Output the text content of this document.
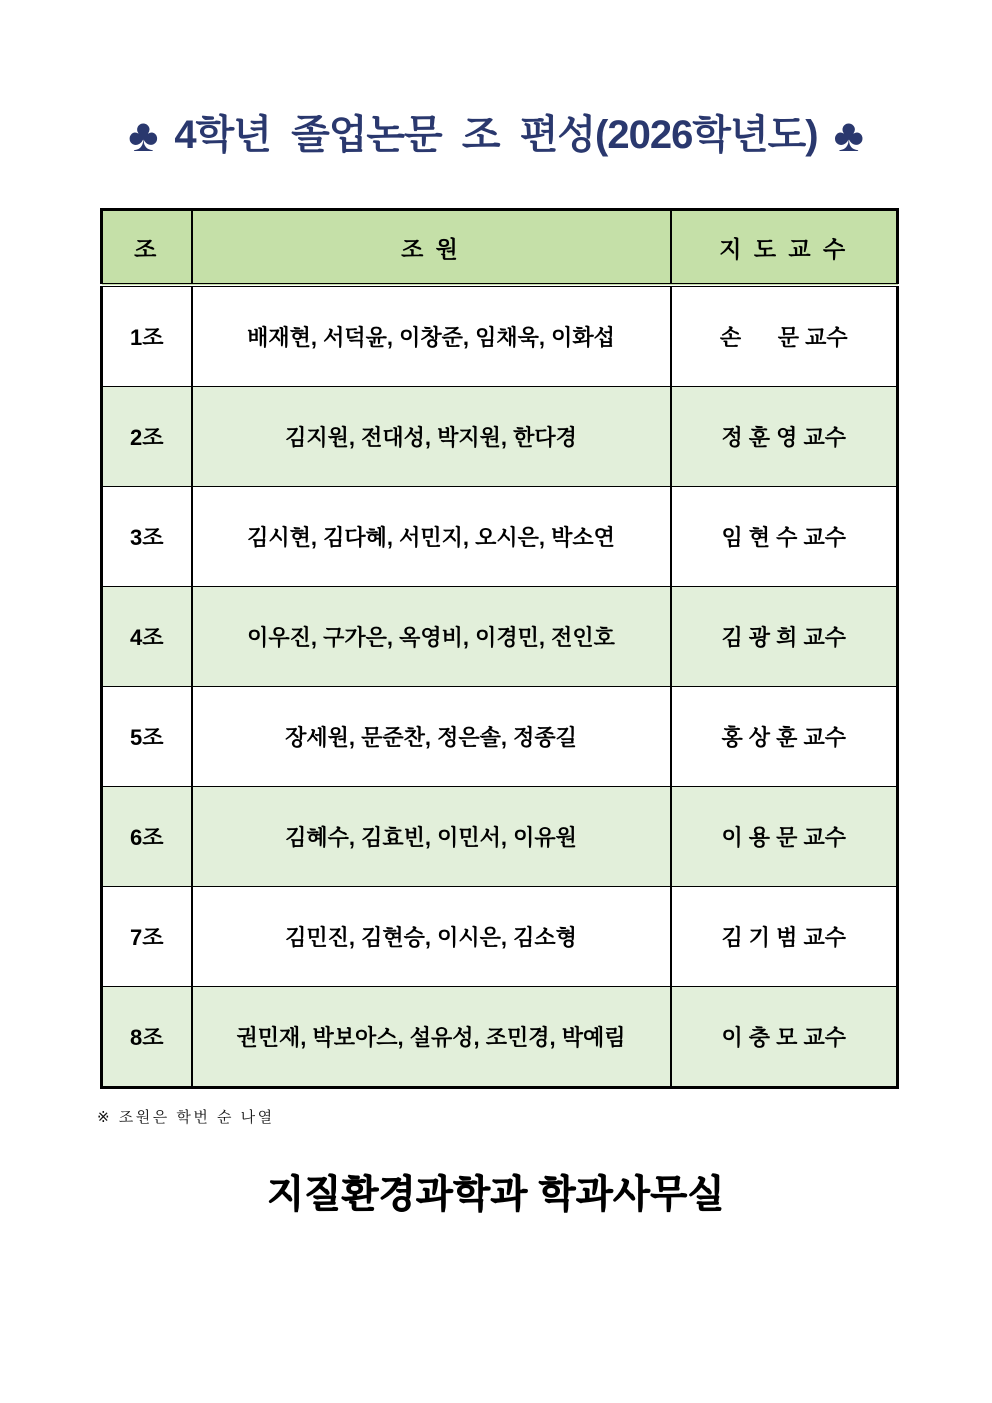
♣ 4학년  졸업논문  조  편성(2026학년도) ♣
조	조 원	지 도 교 수
1조	배재현, 서덕윤, 이창준, 임채욱, 이화섭	손      문 교수
2조	김지원, 전대성, 박지원, 한다경	정 훈 영 교수
3조	김시현, 김다혜, 서민지, 오시은, 박소연	임 현 수 교수
4조	이우진, 구가은, 옥영비, 이경민, 전인호	김 광 희 교수
5조	장세원, 문준찬, 정은솔, 정종길	홍 상 훈 교수
6조	김혜수, 김효빈, 이민서, 이유원	이 용 문 교수
7조	김민진, 김현승, 이시은, 김소형	김 기 범 교수
8조	권민재, 박보아스, 설유성, 조민경, 박예림	이 충 모 교수

※ 조원은 학번 순 나열

지질환경과학과 학과사무실
